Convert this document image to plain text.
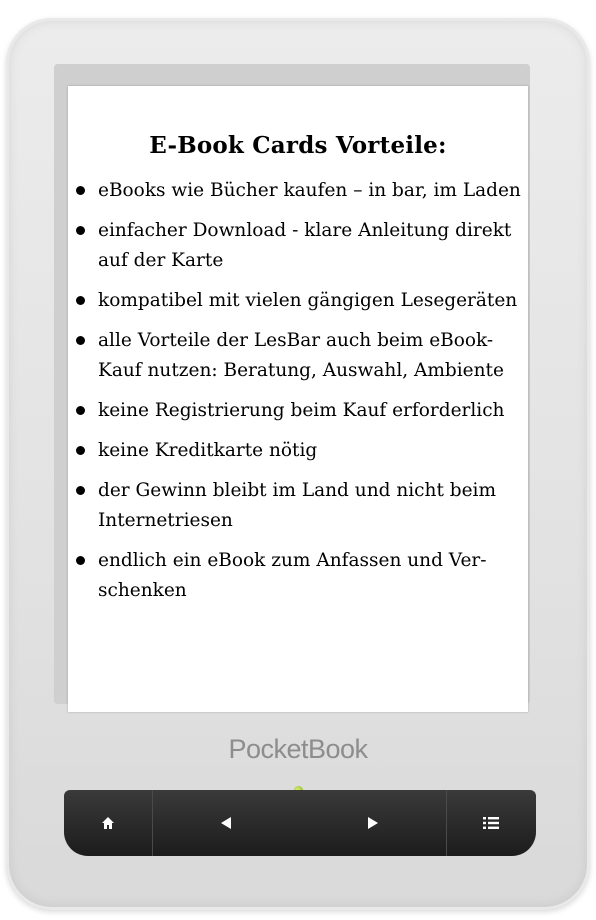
E-Book Cards Vorteile:
eBooks wie Bücher kaufen – in bar, im Laden
einfacher Download - klare Anleitung direkt
auf der Karte
kompatibel mit vielen gängigen Lesegeräten
alle Vorteile der LesBar auch beim eBook-
Kauf nutzen: Beratung, Auswahl, Ambiente
keine Registrierung beim Kauf erforderlich
keine Kreditkarte nötig
der Gewinn bleibt im Land und nicht beim
Internetriesen
endlich ein eBook zum Anfassen und Ver-
schenken
PocketBook
